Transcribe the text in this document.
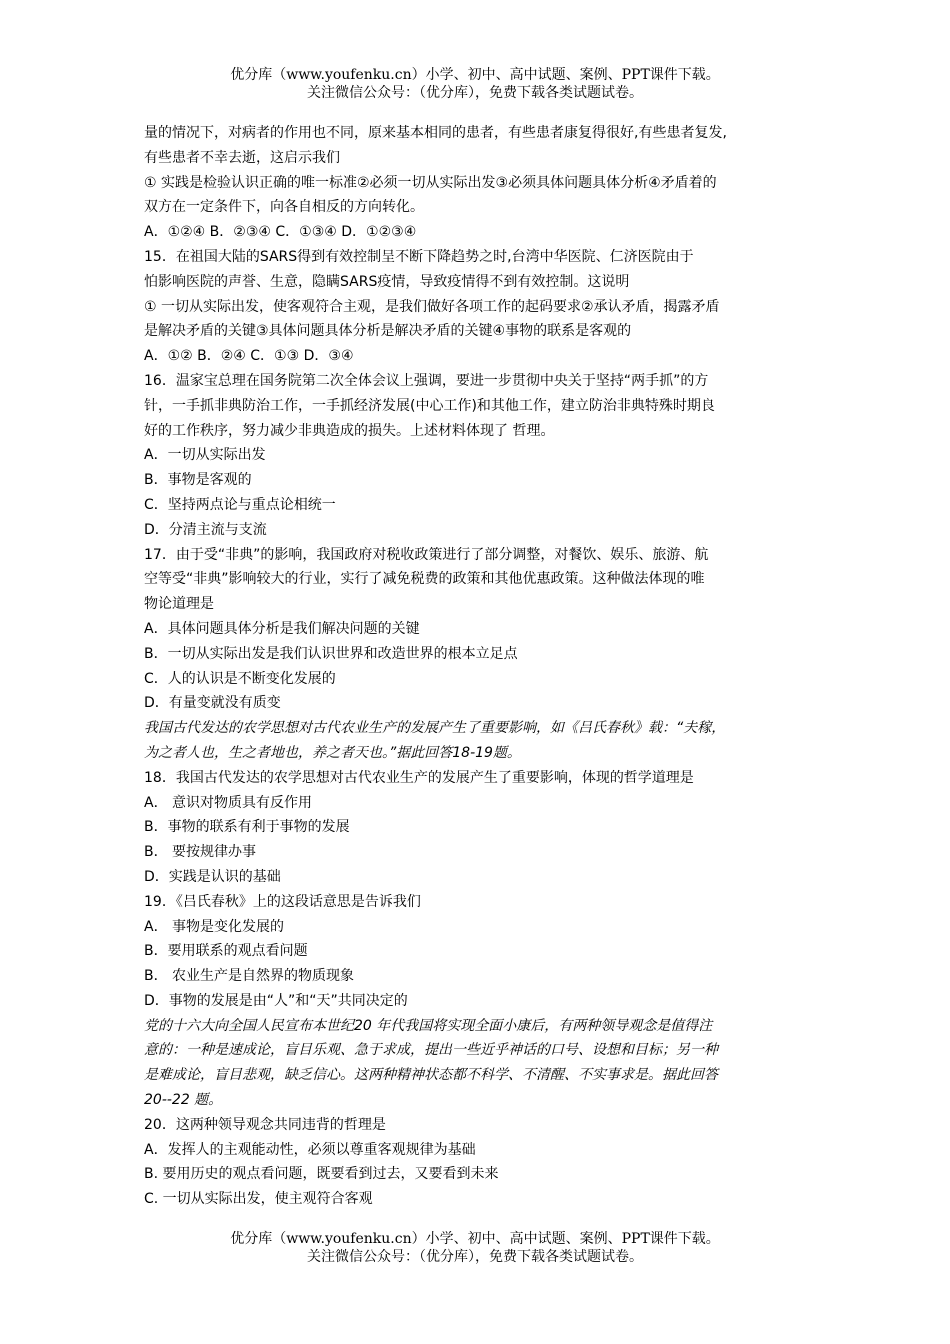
优分库（www.youfenku.cn）小学、初中、高中试题、案例、PPT课件下载。
关注微信公众号：（优分库），免费下载各类试题试卷。

量的情况下，对病者的作用也不同，原来基本相同的患者，有些患者康复得很好,有些患者复发,

有些患者不幸去逝，这启示我们

① 实践是检验认识正确的唯一标准②必须一切从实际出发③必须具体问题具体分析④矛盾着的

双方在一定条件下，向各自相反的方向转化。

A．①②④ B．②③④ C．①③④ D．①②③④

15．在祖国大陆的SARS得到有效控制呈不断下降趋势之时,台湾中华医院、仁济医院由于

怕影响医院的声誉、生意，隐瞒SARS疫情，导致疫情得不到有效控制。这说明

① 一切从实际出发，使客观符合主观，是我们做好各项工作的起码要求②承认矛盾，揭露矛盾

是解决矛盾的关键③具体问题具体分析是解决矛盾的关键④事物的联系是客观的

A．①② B．②④ C．①③ D．③④

16．温家宝总理在国务院第二次全体会议上强调，要进一步贯彻中央关于坚持“两手抓”的方

针，一手抓非典防治工作，一手抓经济发展(中心工作)和其他工作，建立防治非典特殊时期良

好的工作秩序，努力减少非典造成的损失。上述材料体现了 哲理。

A．一切从实际出发

B．事物是客观的

C．坚持两点论与重点论相统一

D．分清主流与支流

17．由于受“非典”的影响，我国政府对税收政策进行了部分调整，对餐饮、娱乐、旅游、航

空等受“非典”影响较大的行业，实行了减免税费的政策和其他优惠政策。这种做法体现的唯

物论道理是

A．具体问题具体分析是我们解决问题的关键

B．一切从实际出发是我们认识世界和改造世界的根本立足点

C．人的认识是不断变化发展的

D．有量变就没有质变

我国古代发达的农学思想对古代农业生产的发展产生了重要影响，如《吕氏春秋》载：“夫稼，

为之者人也，生之者地也，养之者天也。”据此回答18-19题。

18．我国古代发达的农学思想对古代农业生产的发展产生了重要影响，体现的哲学道理是

A． 意识对物质具有反作用

B．事物的联系有利于事物的发展

B． 要按规律办事

D．实践是认识的基础

19．《吕氏春秋》上的这段话意思是告诉我们

A． 事物是变化发展的

B．要用联系的观点看问题

B． 农业生产是自然界的物质现象

D．事物的发展是由“人”和“天”共同决定的

党的十六大向全国人民宣布本世纪20 年代我国将实现全面小康后，有两种领导观念是值得注

意的：一种是速成论，盲目乐观、急于求成，提出一些近乎神话的口号、设想和目标；另一种

是难成论，盲目悲观，缺乏信心。这两种精神状态都不科学、不清醒、不实事求是。据此回答

20--22 题。

20．这两种领导观念共同违背的哲理是

A．发挥人的主观能动性，必须以尊重客观规律为基础

B. 要用历史的观点看问题，既要看到过去，又要看到未来

C. 一切从实际出发，使主观符合客观

优分库（www.youfenku.cn）小学、初中、高中试题、案例、PPT课件下载。
关注微信公众号：（优分库），免费下载各类试题试卷。
